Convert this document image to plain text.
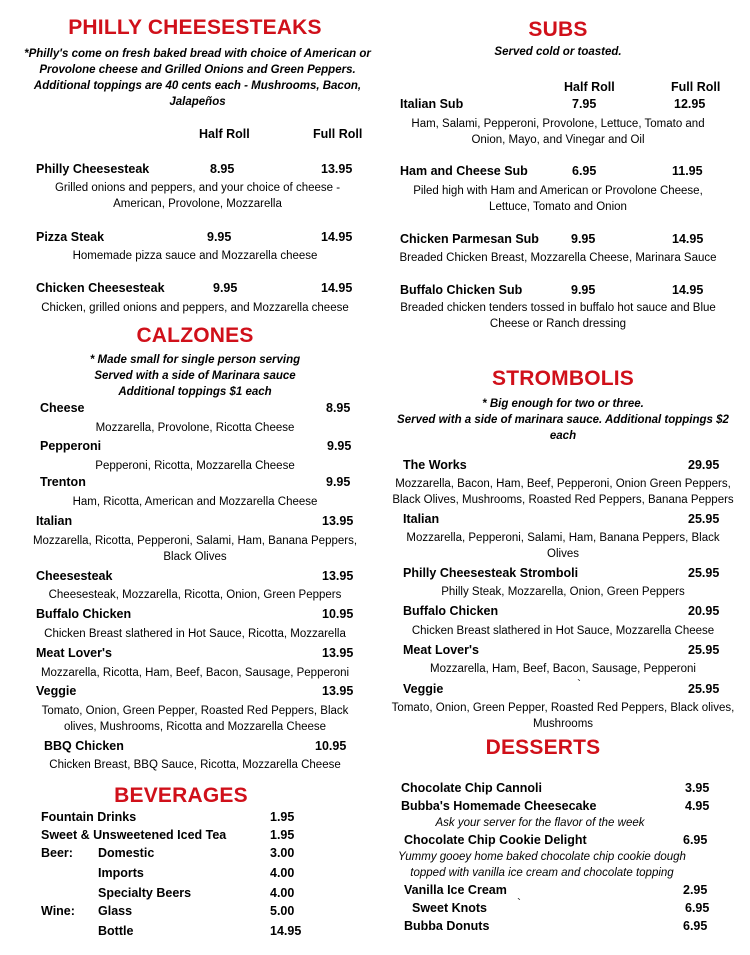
PHILLY CHEESESTEAKS
*Philly's come on fresh baked bread with choice of American or
Provolone cheese and Grilled Onions and Green Peppers.
Additional toppings are 40 cents each - Mushrooms, Bacon,
Jalapeños
Half Roll	Full Roll
Philly Cheesesteak	8.95	13.95
Grilled onions and peppers, and your choice of cheese -
American, Provolone, Mozzarella
Pizza Steak	9.95	14.95
Homemade pizza sauce and Mozzarella cheese
Chicken Cheesesteak	9.95	14.95
Chicken, grilled onions and peppers, and Mozzarella cheese
CALZONES
* Made small for single person serving
Served with a side of Marinara sauce
Additional toppings $1 each
Cheese	8.95
Mozzarella, Provolone, Ricotta Cheese
Pepperoni	9.95
Pepperoni, Ricotta, Mozzarella Cheese
Trenton	9.95
Ham, Ricotta, American and Mozzarella Cheese
Italian	13.95
Mozzarella, Ricotta, Pepperoni, Salami, Ham, Banana Peppers,
Black Olives
Cheesesteak	13.95
Cheesesteak, Mozzarella, Ricotta, Onion, Green Peppers
Buffalo Chicken	10.95
Chicken Breast slathered in Hot Sauce, Ricotta, Mozzarella
Meat Lover's	13.95
Mozzarella, Ricotta, Ham, Beef, Bacon, Sausage, Pepperoni
Veggie	13.95
Tomato, Onion, Green Pepper, Roasted Red Peppers, Black
olives, Mushrooms, Ricotta and Mozzarella Cheese
BBQ Chicken	10.95
Chicken Breast, BBQ Sauce, Ricotta, Mozzarella Cheese
BEVERAGES
Fountain Drinks	1.95
Sweet & Unsweetened Iced Tea	1.95
Beer: Domestic	3.00
Imports	4.00
Specialty Beers	4.00
Wine: Glass	5.00
Bottle	14.95
SUBS
Served cold or toasted.
Half Roll	Full Roll
Italian Sub	7.95	12.95
Ham, Salami, Pepperoni, Provolone, Lettuce, Tomato and
Onion, Mayo, and Vinegar and Oil
Ham and Cheese Sub	6.95	11.95
Piled high with Ham and American or Provolone Cheese,
Lettuce, Tomato and Onion
Chicken Parmesan Sub	9.95	14.95
Breaded Chicken Breast, Mozzarella Cheese, Marinara Sauce
Buffalo Chicken Sub	9.95	14.95
Breaded chicken tenders tossed in buffalo hot sauce and Blue
Cheese or Ranch dressing
STROMBOLIS
* Big enough for two or three.
Served with a side of marinara sauce. Additional toppings $2
each
The Works	29.95
Mozzarella, Bacon, Ham, Beef, Pepperoni, Onion Green Peppers,
Black Olives, Mushrooms, Roasted Red Peppers, Banana Peppers
Italian	25.95
Mozzarella, Pepperoni, Salami, Ham, Banana Peppers, Black
Olives
Philly Cheesesteak Stromboli	25.95
Philly Steak, Mozzarella, Onion, Green Peppers
Buffalo Chicken	20.95
Chicken Breast slathered in Hot Sauce, Mozzarella Cheese
Meat Lover's	25.95
Mozzarella, Ham, Beef, Bacon, Sausage, Pepperoni
Veggie	`	25.95
Tomato, Onion, Green Pepper, Roasted Red Peppers, Black olives,
Mushrooms
DESSERTS
Chocolate Chip Cannoli	3.95
Bubba's Homemade Cheesecake	4.95
Ask your server for the flavor of the week
Chocolate Chip Cookie Delight	6.95
Yummy gooey home baked chocolate chip cookie dough
topped with vanilla ice cream and chocolate topping
Vanilla Ice Cream	2.95
Sweet Knots `	6.95
Bubba Donuts	6.95
